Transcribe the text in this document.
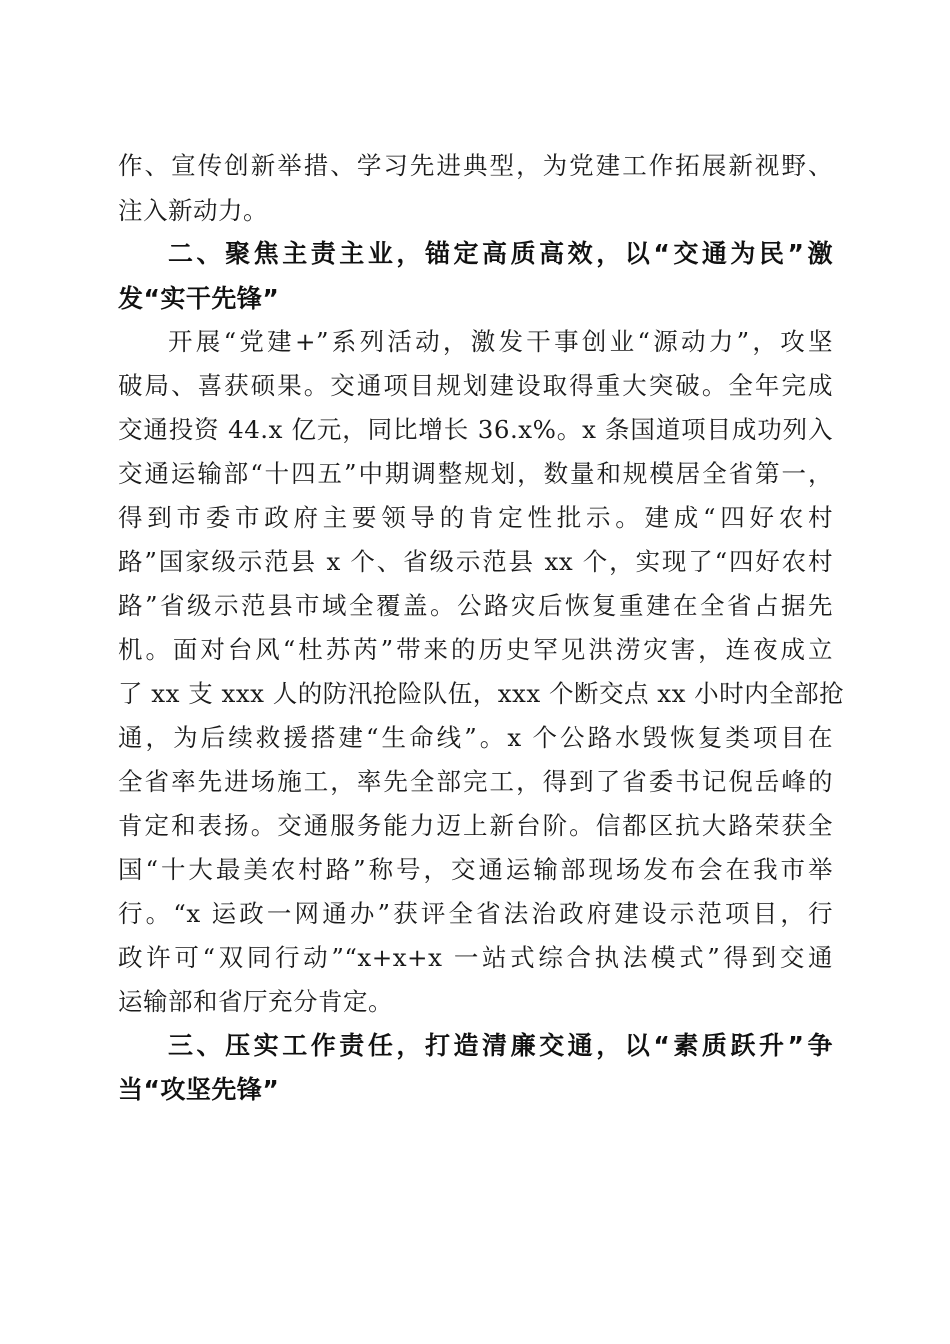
作、宣传创新举措、学习先进典型，为党建工作拓展新视野、
注入新动力。
二、聚焦主责主业，锚定高质高效，以“交通为民”激
发“实干先锋”
开展“党建+”系列活动，激发干事创业“源动力”，攻坚
破局、喜获硕果。交通项目规划建设取得重大突破。全年完成
交通投资 44.x 亿元，同比增长 36.x%。x 条国道项目成功列入
交通运输部“十四五”中期调整规划，数量和规模居全省第一，
得到市委市政府主要领导的肯定性批示。建成“四好农村
路”国家级示范县 x 个、省级示范县 xx 个，实现了“四好农村
路”省级示范县市域全覆盖。公路灾后恢复重建在全省占据先
机。面对台风“杜苏芮”带来的历史罕见洪涝灾害，连夜成立
了 xx 支 xxx 人的防汛抢险队伍，xxx 个断交点 xx 小时内全部抢
通，为后续救援搭建“生命线”。x 个公路水毁恢复类项目在
全省率先进场施工，率先全部完工，得到了省委书记倪岳峰的
肯定和表扬。交通服务能力迈上新台阶。信都区抗大路荣获全
国“十大最美农村路”称号，交通运输部现场发布会在我市举
行。“x 运政一网通办”获评全省法治政府建设示范项目，行
政许可“双同行动”“x+x+x 一站式综合执法模式”得到交通
运输部和省厅充分肯定。
三、压实工作责任，打造清廉交通，以“素质跃升”争
当“攻坚先锋”
